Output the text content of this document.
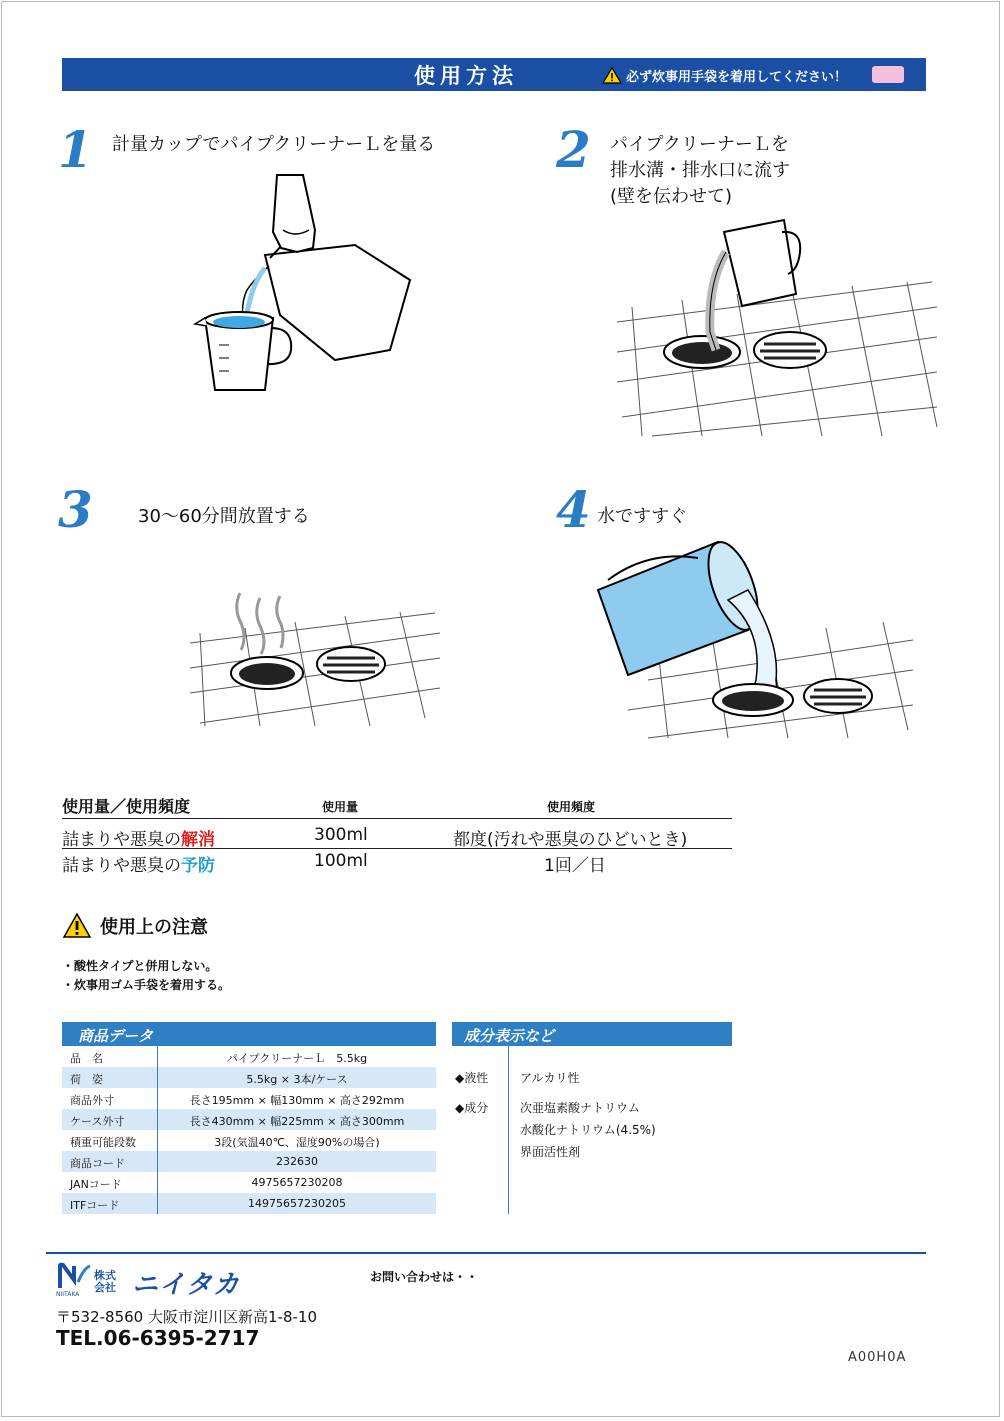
使用方法	必ず炊事用手袋を着用してください！
1 計量カップでパイプクリーナーＬを量る 2 パイプクリーナーＬを
排水溝・排水口に流す
(壁を伝わせて)
3	30〜60分間放置する	4 水ですすぐ
使用量／使用頻度	使用量	使用頻度
詰まりや悪臭の解消	300ml	都度(汚れや悪臭のひどいとき)
詰まりや悪臭の予防	100ml	1回／日
使用上の注意
・酸性タイプと併用しない。
・炊事用ゴム手袋を着用する。
商品データ
品　名	パイプクリーナーＬ　5.5kg
荷　姿	5.5kg × 3本/ケース
商品外寸	長さ195mm × 幅130mm × 高さ292mm
ケース外寸	長さ430mm × 幅225mm × 高さ300mm
積重可能段数	3段(気温40℃、湿度90%の場合)
商品コード	232630
JANコード	4975657230208
ITFコード	14975657230205
成分表示など
◆液性	アルカリ性
◆成分	次亜塩素酸ナトリウム
水酸化ナトリウム(4.5%)
界面活性剤
NIITAKA
株式
会社 ニイタカ	お問い合わせは・・
〒532-8560 大阪市淀川区新高1-8-10
TEL.06-6395-2717
A00H0A
